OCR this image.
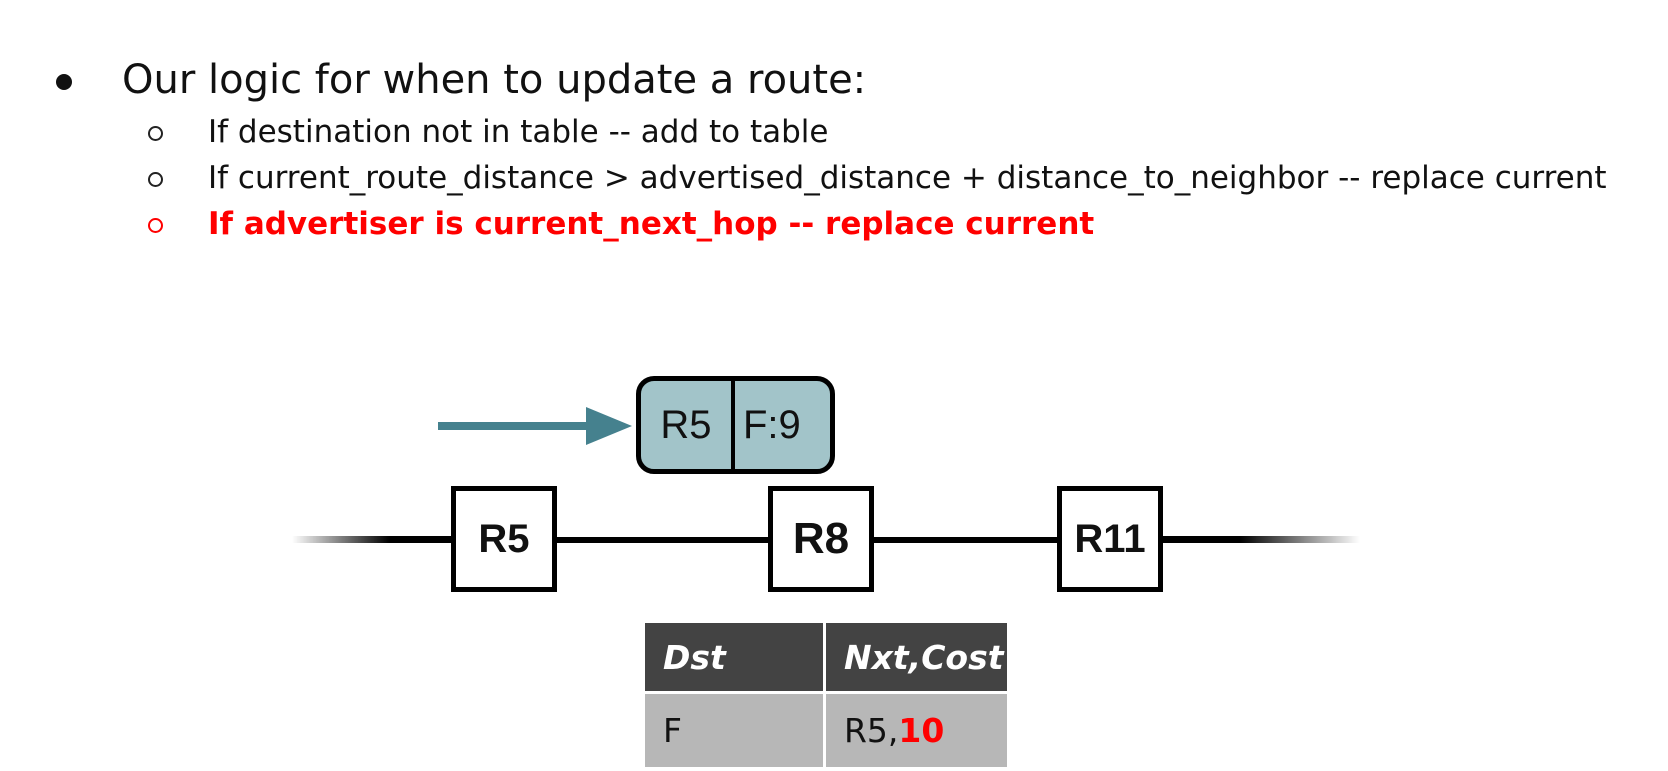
Our logic for when to update a route:
If destination not in table -- add to table
If current_route_distance > advertised_distance + distance_to_neighbor -- replace current
If advertiser is current_next_hop -- replace current
R5 F:9
R5	R8	R11
Dst	Nxt,Cost
F	R5,10
